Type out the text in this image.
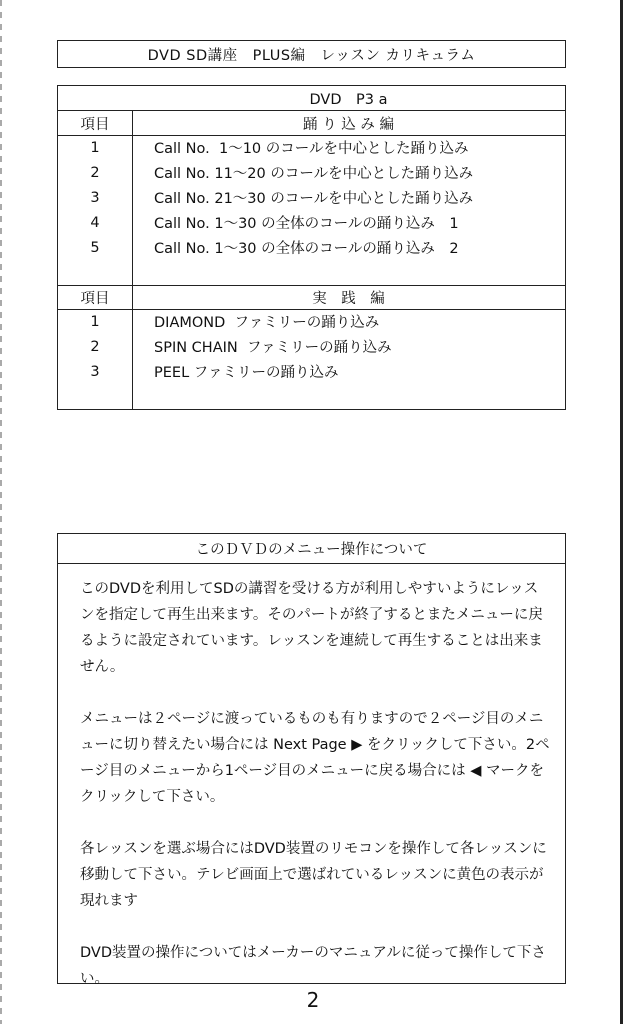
DVD SD講座　PLUS編　レッスン カリキュラム
DVD　P3 a
項目	踊 り 込 み 編
1	Call No.  1～10 のコールを中心とした踊り込み
2	Call No. 11～20 のコールを中心とした踊り込み
3	Call No. 21～30 のコールを中心とした踊り込み
4	Call No. 1～30 の全体のコールの踊り込み　1
5	Call No. 1～30 の全体のコールの踊り込み　2
項目	実　践　編
1	DIAMOND  ファミリーの踊り込み
2	SPIN CHAIN  ファミリーの踊り込み
3	PEEL ファミリーの踊り込み
このＤＶＤのメニュー操作について

このDVDを利用してSDの講習を受ける方が利用しやすいようにレッスンを指定して再生出来ます。そのパートが終了するとまたメニューに戻るように設定されています。レッスンを連続して再生することは出来ません。

メニューは２ページに渡っているものも有りますので２ページ目のメニューに切り替えたい場合には Next Page ▶ をクリックして下さい。2ページ目のメニューから1ページ目のメニューに戻る場合には ◀ マークをクリックして下さい。

各レッスンを選ぶ場合にはDVD装置のリモコンを操作して各レッスンに移動して下さい。テレビ画面上で選ばれているレッスンに黄色の表示が現れます

DVD装置の操作についてはメーカーのマニュアルに従って操作して下さい。

2
